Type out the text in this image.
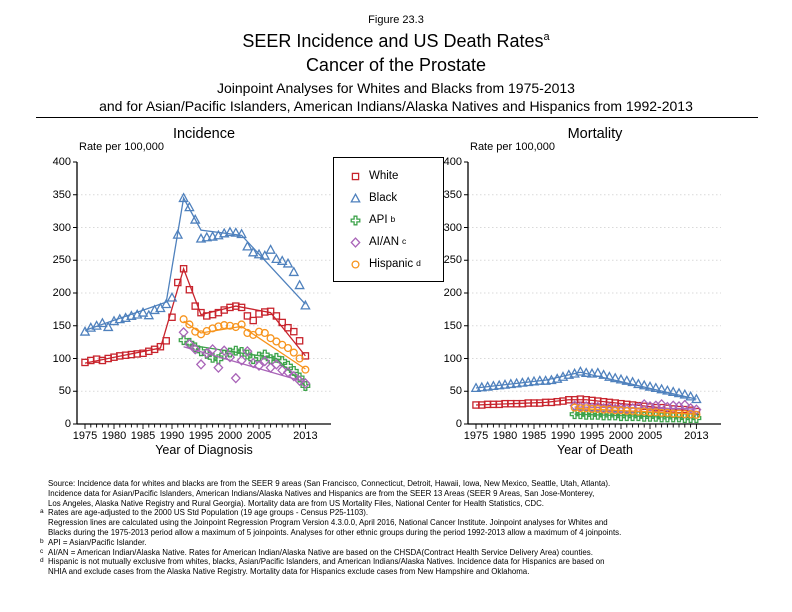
Figure 23.3
SEER Incidence and US Death Rates$^a$
Cancer of the Prostate
Joinpoint Analyses for Whites and Blacks from 1975-2013
and for Asian/Pacific Islanders, American Indians/Alaska Natives and Hispanics from 1992-2013
Incidence	Mortality
Rate per 100,000	Rate per 100,000
0
50
100
150
200
250
300
350
400
1975 1980 1985 1990 1995 2000 2005	2013
0
50
100
150
200
250
300
350
400
1975 1980 1985 1990 1995 2000 2005	2013
Year of Diagnosis	Year of Death
White
Black
API $^b$
AI/AN $^c$
Hispanic $^d$
Source: Incidence data for whites and blacks are from the SEER 9 areas (San Francisco, Connecticut, Detroit, Hawaii, Iowa, New Mexico, Seattle, Utah, Atlanta).
Incidence data for Asian/Pacific Islanders, American Indians/Alaska Natives and Hispanics are from the SEER 13 Areas (SEER 9 Areas, San Jose-Monterey,
Los Angeles, Alaska Native Registry and Rural Georgia). Mortality data are from US Mortality Files, National Center for Health Statistics, CDC.
a Rates are age-adjusted to the 2000 US Std Population (19 age groups - Census P25-1103).
Regression lines are calculated using the Joinpoint Regression Program Version 4.3.0.0, April 2016, National Cancer Institute. Joinpoint analyses for Whites and
Blacks during the 1975-2013 period allow a maximum of 5 joinpoints. Analyses for other ethnic groups during the period 1992-2013 allow a maximum of 4 joinpoints.
b API = Asian/Pacific Islander.
c AI/AN = American Indian/Alaska Native. Rates for American Indian/Alaska Native are based on the CHSDA(Contract Health Service Delivery Area) counties.
d Hispanic is not mutually exclusive from whites, blacks, Asian/Pacific Islanders, and American Indians/Alaska Natives. Incidence data for Hispanics are based on
NHIA and exclude cases from the Alaska Native Registry. Mortality data for Hispanics exclude cases from New Hampshire and Oklahoma.
